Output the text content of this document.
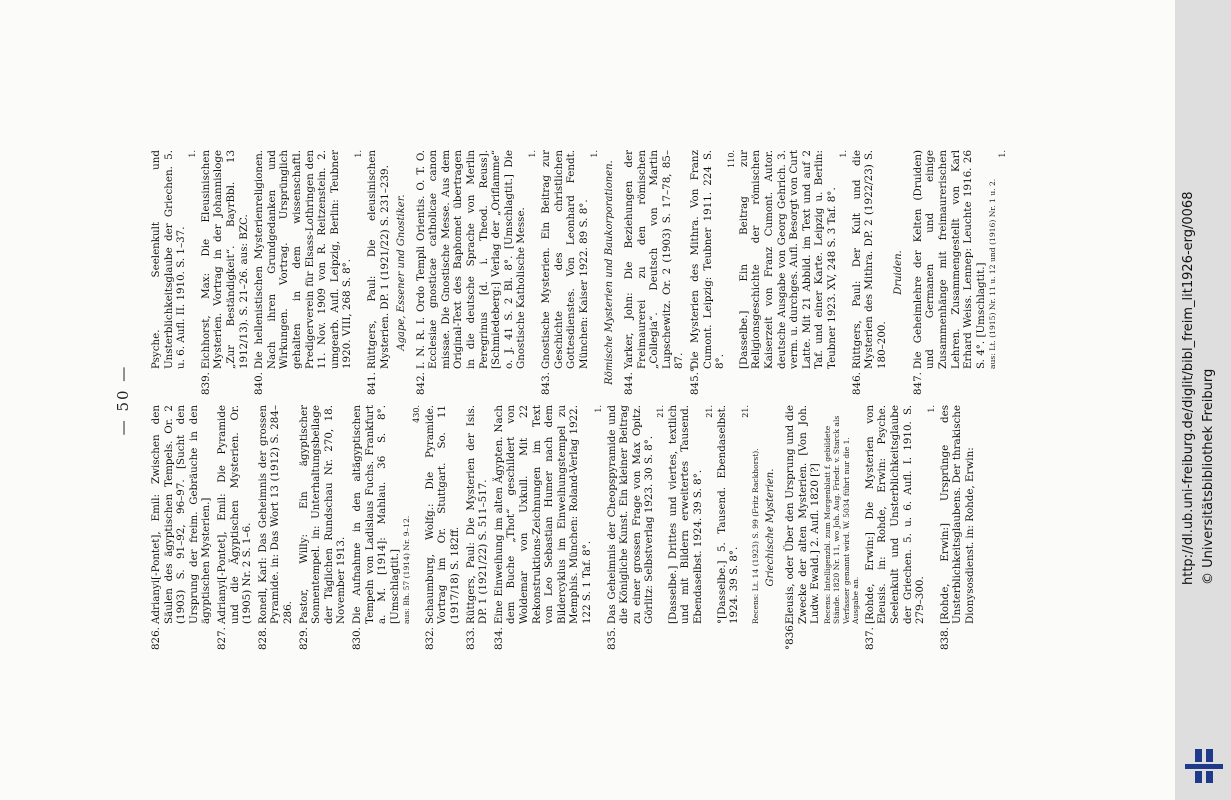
— 50 —
826.
Adrianyi[-Pontet], Emil: Zwischen den Säulen des ägyptischen Tempels. Or. 2 (1903) S. 91–92, 96–97. [Sucht den Ursprung der freim. Gebräuche in den ägyptischen Mysterien.]
827.
Adrianyi[-Pontet], Emil: Die Pyramide und die Ägyptischen Mysterien. Or. (1905) Nr. 2 S. 1–6.
828.
Ronell, Karl: Das Geheimnis der grossen Pyramide. in: Das Wort 13 (1912) S. 284–286.
829.
Pastor, Willy: Ein ägyptischer Sonnentempel. in: Unterhaltungsbeilage der Täglichen Rundschau Nr. 270, 18. November 1913.
830.
Die Aufnahme in den altägyptischen Tempeln von Ladislaus Fuchs. Frankfurt a. M. [1914]: Mahlau. 36 S. 8°. [Umschlagtit.] aus: Bh. 57 (1914) Nr. 9–12.
430.
832.
Schaumburg, Wolfg.: Die Pyramide. Vortrag im Or. Stuttgart. So. 11 (1917/18) S. 182ff.
833.
Rüttgers, Paul: Die Mysterien der Isis. DP. 1 (1921/22) S. 511–517.
834.
Eine Einweihung im alten Ägypten. Nach dem Buche „Thot“ geschildert von Woldemar von Uxkull. Mit 22 Rekonstruktions-Zeichnungen im Text von Leo Sebastian Humer nach dem Bildercyklus im Einweihungstempel zu Memphis. München: Roland-Verlag 1922. 122 S. 1 Taf. 8°.
1.
835.
Das Geheimnis der Cheopspyramide und die Königliche Kunst. Ein kleiner Beitrag zu einer grossen Frage von Max Opitz. Görlitz: Selbstverlag 1923. 30 S. 8°.
21. [Dasselbe.] Drittes und viertes, textlich und mit Bildern erweitertes Tausend. Ebendaselbst. 1924. 39 S. 8°.
21. °[Dasselbe.] 5. Tausend. Ebendaselbst. 1924. 39 S. 8°.
21.
Recens: Lt. 14 (1923) S. 99 (Fritz Rackhorst). Griechische Mysterien.
°836.
Eleusis, oder Über den Ursprung und die Zwecke der alten Mysterien. [Von Joh. Ludw. Ewald.] 2. Aufl. 1820 [?] Recens: Intelligenzbl. zum Morgenblatt f. gebildete Stände. 1820 Nr. 11, wo Joh. Aug. Friedr. v. Starck als Verfasser genannt wird. W. 5034 führt nur die 1. Ausgabe an.
837.
[Rohde, Erwin:] Die Mysterien von Eleusis. in: Rohde, Erwin: Psyche. Seelenkult und Unsterblichkeitsglaube der Griechen. 5. u. 6. Aufl. I. 1910. S. 279–300.
1.
838.
[Rohde, Erwin:] Ursprünge des Unsterblichkeitsglaubens. Der thrakische Dionysosdienst. in: Rohde, Erwin:
Psyche. Seelenkult und Unsterblichkeitsglaube der Griechen. 5. u. 6. Aufl. II. 1910. S. 1–37.
1.
839.
Eichhorst, Max: Die Eleusinischen Mysterien. Vortrag in der Johannisloge „Zur Beständigkeit“. BayrBbl. 13 1912/13). S. 21–26. aus: BZC.
840.
Die hellenistischen Mysterienreligionen. Nach ihren Grundgedanken und Wirkungen. Vortrag. Ursprünglich gehalten in dem wissenschaftl. Predigerverein für Elsass-Lothringen den 11. Nov. 1909 von R. Reitzenstein. 2. umgearb. Aufl. Leipzig, Berlin: Teubner 1920. VIII, 268 S. 8°.
1.
841.
Rüttgers, Paul: Die eleusinischen Mysterien. DP. 1 (1921/22) S. 231–239. Agape, Essener und Gnostiker.
842.
I. N. R. I. Ordo Templi Orientis. O. T. O. Ecclesiae gnosticae catholicae canon missae. Die Gnostische Messe. Aus dem Original-Text des Baphomet übertragen in die deutsche Sprache von Merlin Peregrinus [d. i. Theod. Reuss]. [Schmiedeberg:] Verlag der „Oriflamme“ o. J. 41 S. 2 Bl. 8°. [Umschlagtit.] Die Gnostische Katholische Messe.
1.
843.
Gnostische Mysterien. Ein Beitrag zur Geschichte des christlichen Gottesdienstes. Von Leonhard Fendt. München: Kaiser 1922. 89 S. 8°.
1.
Römische Mysterien und Baukorporationen. 844.
Yarker, John: Die Beziehungen der Freimaurerei zu den römischen „Collegia“. Deutsch von Martin Lupschewitz. Or. 2 (1903) S. 17–78, 85–87.
845.°
Die Mysterien des Mithra. Von Franz Cumont. Leipzig: Teubner 1911. 224 S. 8°.
110. [Dasselbe.] Ein Beitrag zur Religionsgeschichte der römischen Kaiserzeit von Franz Cumont. Autor. deutsche Ausgabe von Georg Gehrich. 3. verm. u. durchges. Aufl. Besorgt von Curt Latte. Mit 21 Abbild. im Text und auf 2 Taf. und einer Karte. Leipzig u. Berlin: Teubner 1923. XV, 248 S. 3 Taf. 8°.
1.
846.
Rüttgers, Paul: Der Kult und die Mysterien des Mithra. DP. 2 (1922/23) S. 180–200.
Druiden.
847.
Die Geheimlehre der Kelten (Druiden) und Germanen und einige Zusammenhänge mit freimaurerischen Lehren. Zusammengestellt von Karl Erhard Weiss. Lennep: Leuchte 1916. 26 S. 4°. [Umschlagtit.] aus: Lt. (1915) Nr. 11 u. 12 und (1916) Nr. 1 u. 2.
1.
http://dl.ub.uni-freiburg.de/diglit/bibl_freim_lit1926-erg/0068 © Universitätsbibliothek Freiburg
